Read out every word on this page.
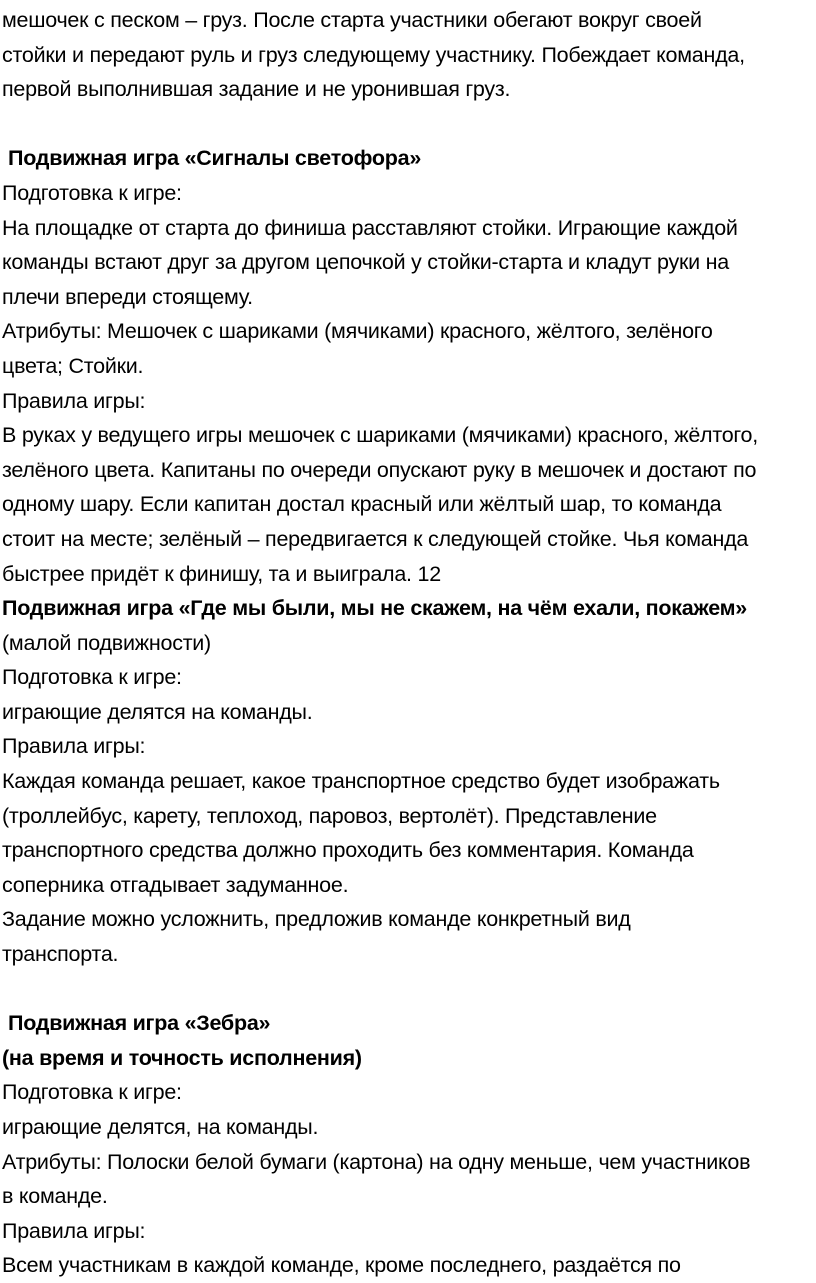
мешочек с песком – груз. После старта участники обегают вокруг своей
стойки и передают руль и груз следующему участнику. Побеждает команда,
первой выполнившая задание и не уронившая груз.
Подвижная игра «Сигналы светофора»
Подготовка к игре:
На площадке от старта до финиша расставляют стойки. Играющие каждой
команды встают друг за другом цепочкой у стойки-старта и кладут руки на
плечи впереди стоящему.
Атрибуты: Мешочек с шариками (мячиками) красного, жёлтого, зелёного
цвета; Стойки.
Правила игры:
В руках у ведущего игры мешочек с шариками (мячиками) красного, жёлтого,
зелёного цвета. Капитаны по очереди опускают руку в мешочек и достают по
одному шару. Если капитан достал красный или жёлтый шар, то команда
стоит на месте; зелёный – передвигается к следующей стойке. Чья команда
быстрее придёт к финишу, та и выиграла. 12
Подвижная игра «Где мы были, мы не скажем, на чём ехали, покажем»
(малой подвижности)
Подготовка к игре:
играющие делятся на команды.
Правила игры:
Каждая команда решает, какое транспортное средство будет изображать
(троллейбус, карету, теплоход, паровоз, вертолёт). Представление
транспортного средства должно проходить без комментария. Команда
соперника отгадывает задуманное.
Задание можно усложнить, предложив команде конкретный вид
транспорта.
Подвижная игра «Зебра»
(на время и точность исполнения)
Подготовка к игре:
играющие делятся, на команды.
Атрибуты: Полоски белой бумаги (картона) на одну меньше, чем участников
в команде.
Правила игры:
Всем участникам в каждой команде, кроме последнего, раздаётся по
